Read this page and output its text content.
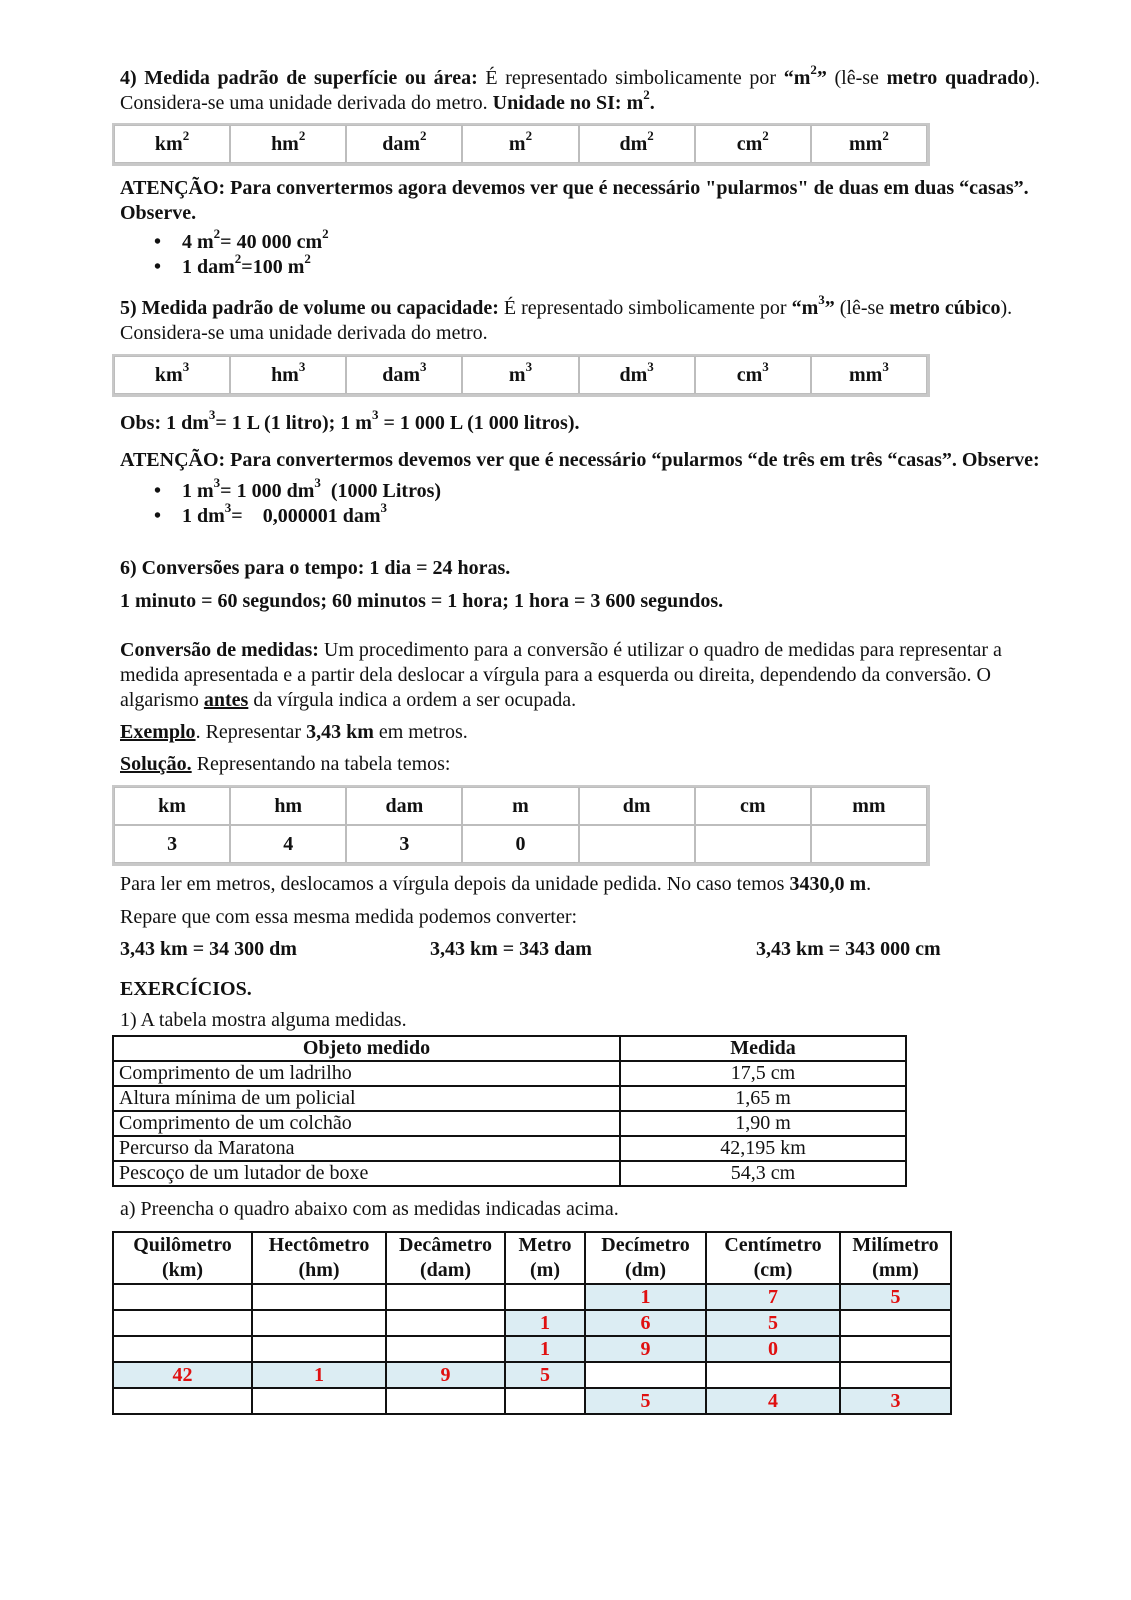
4) Medida padrão de superfície ou área: É representado simbolicamente por “$m^2$” (lê-se metro quadrado). Considera-se uma unidade derivada do metro. Unidade no SI: $m^2$.

$km^2$	$hm^2$	dam$^2$	$m^2$	$dm^2$	$cm^2$	$mm^2$

ATENÇÃO: Para convertermos agora devemos ver que é necessário "pularmos" de duas em duas “casas”. Observe.

• 4 $m^2= 40$ 000 $cm^2$
• 1 dam$^2$=100 $m^2$

5) Medida padrão de volume ou capacidade: É representado simbolicamente por “$m^3$” (lê-se metro cúbico). Considera-se uma unidade derivada do metro.

$km^3$	$hm^3$	dam$^3$	$m^3$	$dm^3$	$cm^3$	$mm^3$

Obs: 1 $dm^3= 1$ L (1 litro); 1 $m^3 = 1$ 000 L (1 000 litros).

ATENÇÃO: Para convertermos devemos ver que é necessário “pularmos “de três em três “casas”. Observe:

• 1 $m^3= 1$ 000 $dm^3$  (1000 Litros)
• 1 $dm^3=$    0,000001 dam$^3$

6) Conversões para o tempo: 1 dia = 24 horas.

1 minuto = 60 segundos; 60 minutos = 1 hora; 1 hora = 3 600 segundos.

Conversão de medidas: Um procedimento para a conversão é utilizar o quadro de medidas para representar a medida apresentada e a partir dela deslocar a vírgula para a esquerda ou direita, dependendo da conversão. O algarismo antes da vírgula indica a ordem a ser ocupada.

Exemplo. Representar 3,43 km em metros.

Solução. Representando na tabela temos:

km	hm	dam	m	dm	cm	mm
3	4	3	0			

Para ler em metros, deslocamos a vírgula depois da unidade pedida. No caso temos 3430,0 m.

Repare que com essa mesma medida podemos converter:

3,43 km = 34 300 dm	3,43 km = 343 dam	3,43 km = 343 000 cm

EXERCÍCIOS.

1) A tabela mostra alguma medidas.

Objeto medido	Medida
Comprimento de um ladrilho	17,5 cm
Altura mínima de um policial	1,65 m
Comprimento de um colchão	1,90 m
Percurso da Maratona	42,195 km
Pescoço de um lutador de boxe	54,3 cm

a) Preencha o quadro abaixo com as medidas indicadas acima.

Quilômetro
(km)	Hectômetro
(hm)	Decâmetro
(dam)	Metro
(m)	Decímetro
(dm)	Centímetro
(cm)	Milímetro
(mm)
				1	7	5
			1	6	5	
			1	9	0	
42	1	9	5			
				5	4	3
